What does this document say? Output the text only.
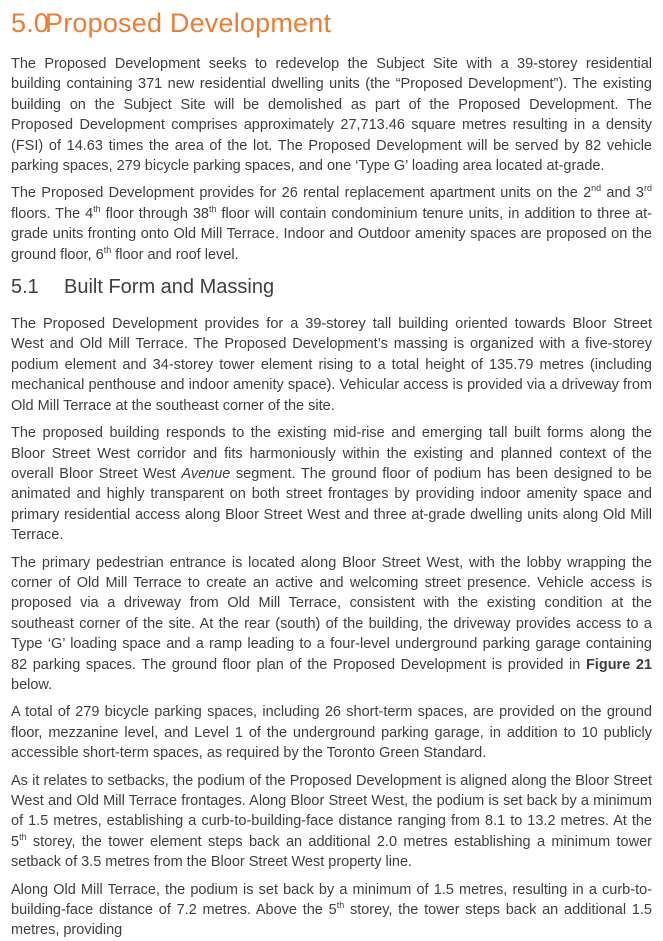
5.0Proposed Development

The Proposed Development seeks to redevelop the Subject Site with a 39-storey residential building containing 371 new residential dwelling units (the “Proposed Development”). The existing building on the Subject Site will be demolished as part of the Proposed Development. The Proposed Development comprises approximately 27,713.46 square metres resulting in a density (FSI) of 14.63 times the area of the lot. The Proposed Development will be served by 82 vehicle parking spaces, 279 bicycle parking spaces, and one ‘Type G’ loading area located at-grade.

The Proposed Development provides for 26 rental replacement apartment units on the 2nd and 3rd floors. The 4th floor through 38th floor will contain condominium tenure units, in addition to three at-grade units fronting onto Old Mill Terrace. Indoor and Outdoor amenity spaces are proposed on the ground floor, 6th floor and roof level.

5.1 Built Form and Massing

The Proposed Development provides for a 39-storey tall building oriented towards Bloor Street West and Old Mill Terrace. The Proposed Development’s massing is organized with a five-storey podium element and 34-storey tower element rising to a total height of 135.79 metres (including mechanical penthouse and indoor amenity space). Vehicular access is provided via a driveway from Old Mill Terrace at the southeast corner of the site.

The proposed building responds to the existing mid-rise and emerging tall built forms along the Bloor Street West corridor and fits harmoniously within the existing and planned context of the overall Bloor Street West Avenue segment. The ground floor of podium has been designed to be animated and highly transparent on both street frontages by providing indoor amenity space and primary residential access along Bloor Street West and three at-grade dwelling units along Old Mill Terrace.

The primary pedestrian entrance is located along Bloor Street West, with the lobby wrapping the corner of Old Mill Terrace to create an active and welcoming street presence. Vehicle access is proposed via a driveway from Old Mill Terrace, consistent with the existing condition at the southeast corner of the site. At the rear (south) of the building, the driveway provides access to a Type ‘G’ loading space and a ramp leading to a four-level underground parking garage containing 82 parking spaces. The ground floor plan of the Proposed Development is provided in Figure 21 below.

A total of 279 bicycle parking spaces, including 26 short-term spaces, are provided on the ground floor, mezzanine level, and Level 1 of the underground parking garage, in addition to 10 publicly accessible short-term spaces, as required by the Toronto Green Standard.

As it relates to setbacks, the podium of the Proposed Development is aligned along the Bloor Street West and Old Mill Terrace frontages. Along Bloor Street West, the podium is set back by a minimum of 1.5 metres, establishing a curb-to-building-face distance ranging from 8.1 to 13.2 metres. At the 5th storey, the tower element steps back an additional 2.0 metres establishing a minimum tower setback of 3.5 metres from the Bloor Street West property line.

Along Old Mill Terrace, the podium is set back by a minimum of 1.5 metres, resulting in a curb-to-building-face distance of 7.2 metres. Above the 5th storey, the tower steps back an additional 1.5 metres, providing
